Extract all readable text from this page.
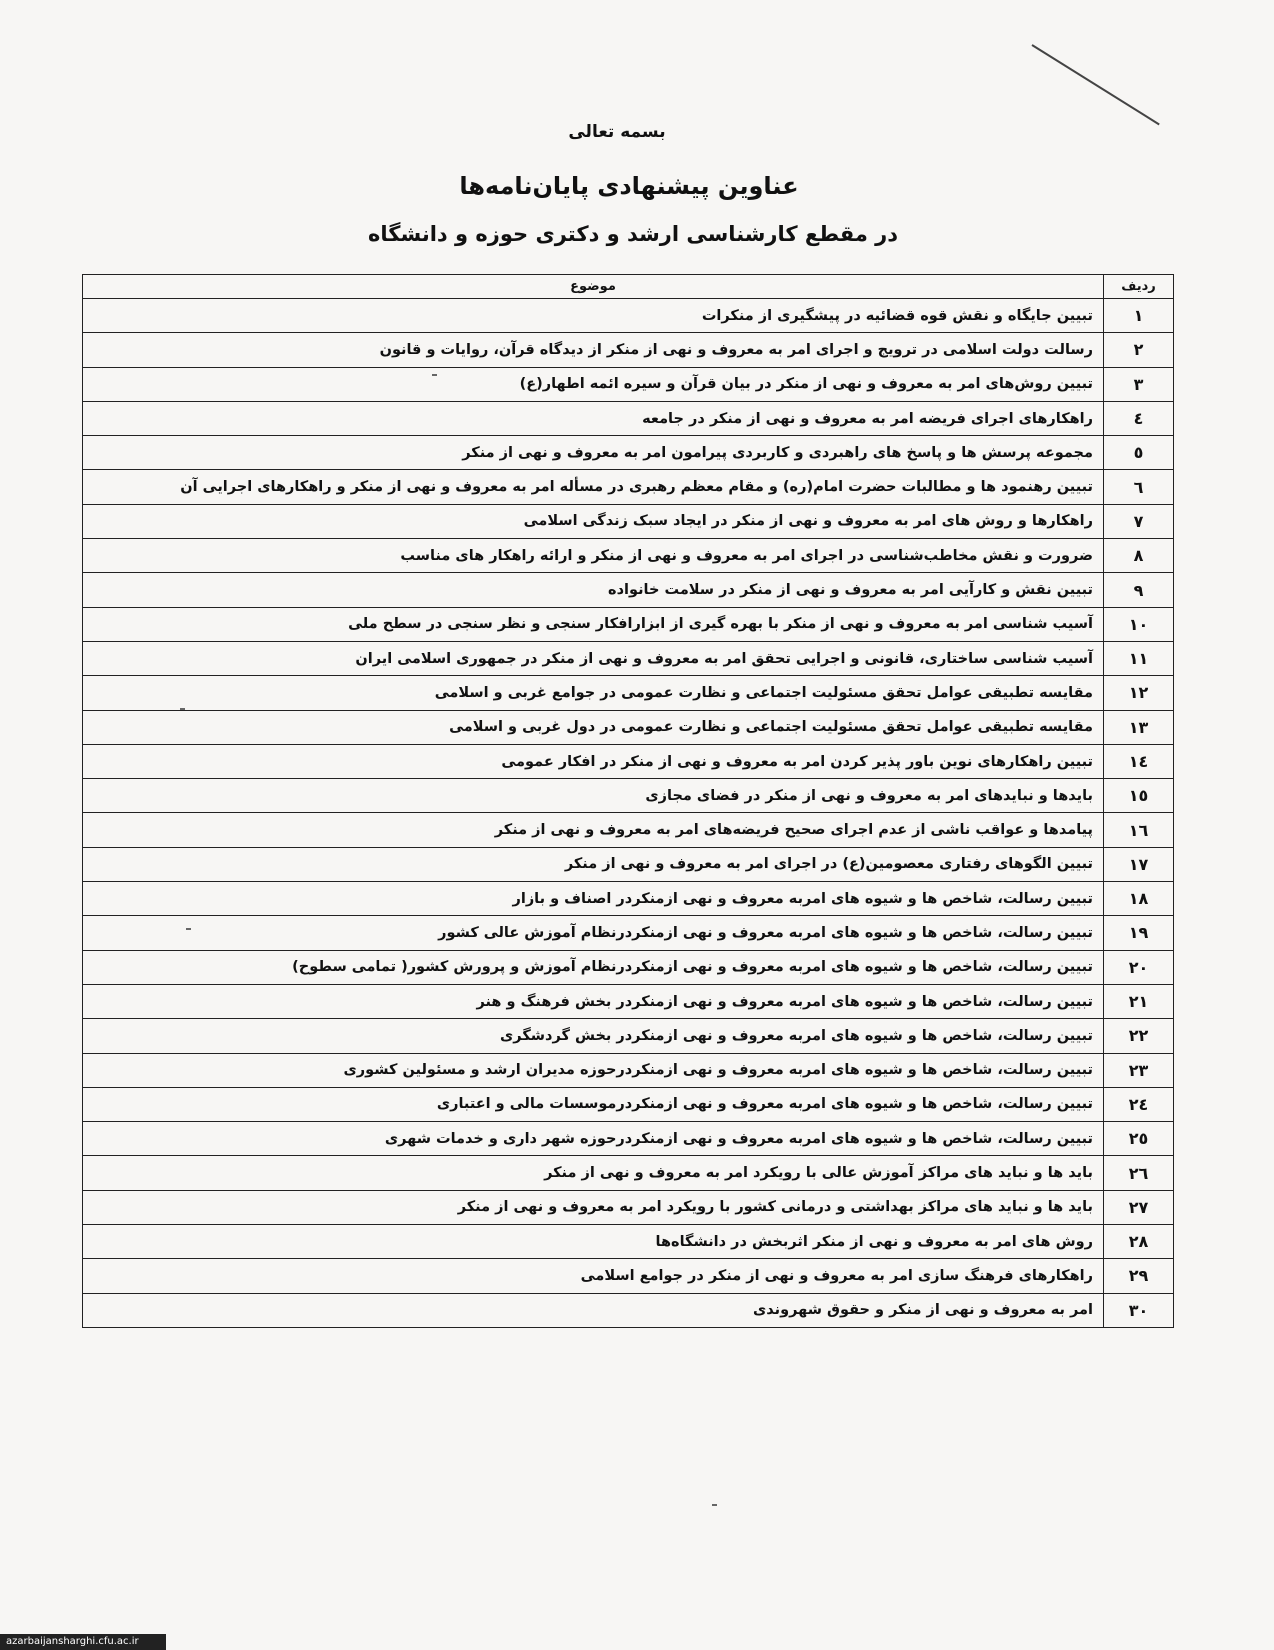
بسمه تعالی
عناوین پیشنهادی پایان‌نامه‌ها
در مقطع کارشناسی ارشد و دکتری حوزه و دانشگاه
ردیف	موضوع
۱	تبیین جایگاه و نقش قوه قضائیه در پیشگیری از منکرات
۲	رسالت دولت اسلامی در ترویج و اجرای امر به معروف و نهی از منکر از دیدگاه قرآن، روایات و قانون
۳	تبیین روش‌های امر به معروف و نهی از منکر در بیان قرآن و سیره ائمه اطهار(ع)
٤	راهکارهای اجرای فریضه امر به معروف و نهی از منکر در جامعه
٥	مجموعه پرسش ها و پاسخ های راهبردی و کاربردی پیرامون امر به معروف و نهی از منکر
٦	تبیین رهنمود ها و مطالبات حضرت امام(ره) و مقام معظم رهبری در مسأله امر به معروف و نهی از منکر و راهکارهای اجرایی آن
۷	راهکارها و روش های امر به معروف و نهی از منکر در ایجاد سبک زندگی اسلامی
۸	ضرورت و نقش مخاطب‌شناسی در اجرای امر به معروف و نهی از منکر و ارائه راهکار های مناسب
۹	تبیین نقش و کارآیی امر به معروف و نهی از منکر در سلامت خانواده
۱۰	آسیب شناسی امر به معروف و نهی از منکر با بهره گیری از ابزارافکار سنجی و نظر سنجی در سطح ملی
۱۱	آسیب شناسی ساختاری، قانونی و اجرایی تحقق امر به معروف و نهی از منکر در جمهوری اسلامی ایران
۱۲	مقایسه تطبیقی عوامل تحقق مسئولیت اجتماعی و نظارت عمومی در جوامع غربی و اسلامی
۱۳	مقایسه تطبیقی عوامل تحقق مسئولیت اجتماعی و نظارت عمومی در دول غربی و اسلامی
١٤	تبیین راهکارهای نوین باور پذیر کردن امر به معروف و نهی از منکر در افکار عمومی
١٥	بایدها و نبایدهای امر به معروف و نهی از منکر در فضای مجازی
١٦	پیامدها و عواقب ناشی از عدم اجرای صحیح فریضه‌های امر به معروف و نهی از منکر
۱۷	تبیین الگوهای رفتاری معصومین(ع) در اجرای امر به معروف و نهی از منکر
۱۸	تبیین رسالت، شاخص ها و شیوه های امربه معروف و نهی ازمنکردر اصناف و بازار
۱۹	تبیین رسالت، شاخص ها و شیوه های امربه معروف و نهی ازمنکردرنظام آموزش عالی کشور
۲۰	تبیین رسالت، شاخص ها و شیوه های امربه معروف و نهی ازمنکردرنظام آموزش و پرورش کشور( تمامی سطوح)
۲۱	تبیین رسالت، شاخص ها و شیوه های امربه معروف و نهی ازمنکردر بخش فرهنگ و هنر
۲۲	تبیین رسالت، شاخص ها و شیوه های امربه معروف و نهی ازمنکردر بخش گردشگری
۲۳	تبیین رسالت، شاخص ها و شیوه های امربه معروف و نهی ازمنکردرحوزه مدیران ارشد و مسئولین کشوری
٢٤	تبیین رسالت، شاخص ها و شیوه های امربه معروف و نهی ازمنکردرموسسات مالی و اعتباری
٢٥	تبیین رسالت، شاخص ها و شیوه های امربه معروف و نهی ازمنکردرحوزه شهر داری و خدمات شهری
٢٦	باید ها و نباید های مراکز آموزش عالی با رویکرد امر به معروف و نهی از منکر
۲۷	باید ها و نباید های مراکز بهداشتی و درمانی کشور با رویکرد امر به معروف و نهی از منکر
۲۸	روش های امر به معروف و نهی از منکر اثربخش در دانشگاه‌ها
۲۹	راهکارهای فرهنگ سازی امر به معروف و نهی از منکر در جوامع اسلامی
۳۰	امر به معروف و نهی از منکر و حقوق شهروندی
azarbaijansharghi.cfu.ac.ir
